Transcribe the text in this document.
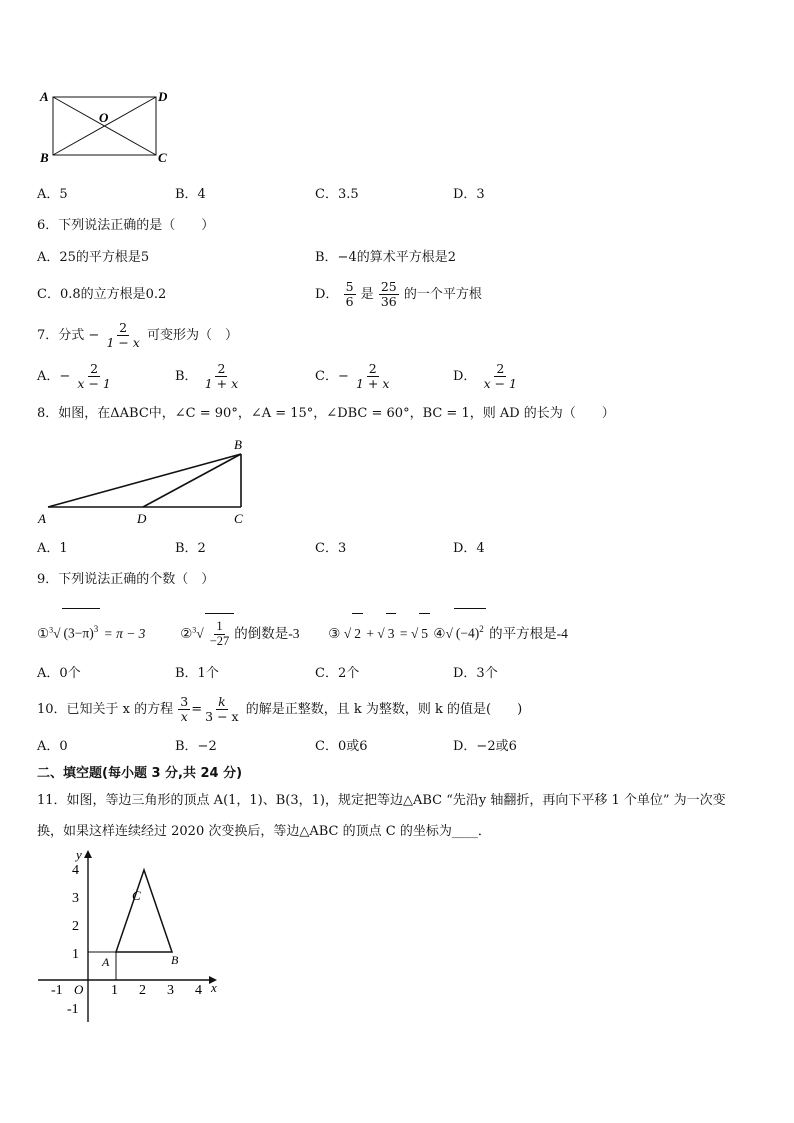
A	D
B	C
O
A．5	B．4	C．3.5	D．3
6．下列说法正确的是（　　）
A．25的平方根是5	B．−4的算术平方根是2
C．0.8的立方根是0.2	D． $\frac{5}{6}$ 是 $\frac{25}{36}$ 的一个平方根
7．分式 − $\frac{2}{1 - x}$ 可变形为（　）
A．− $\frac{2}{x - 1}$	B． $\frac{2}{1 + x}$	C．− $\frac{2}{1 + x}$	D． $\frac{2}{x - 1}$
8．如图，在ΔABC中，∠C = 90°，∠A = 15°，∠DBC = 60°，BC = 1，则 AD 的长为（　　）
A	D	C
B
A．1	B．2	C．3	D．4
9．下列说法正确的个数（　）
①$^3$√ $(3-\pi)^3 = \pi - 3$	②$^3$√ $\frac{1}{-27}$ 的倒数是-3 ③ √ 2 + √ 3 = √ 5 ④√ $(-4)^2$ 的平方根是-4
A．0个	B．1个	C．2个	D．3个
10．已知关于 x 的方程 $\frac{3}{x} = \frac{k}{3 - x}$ 的解是正整数，且 k 为整数，则 k 的值是(　　)
A．0	B．−2	C．0或6	D．−2或6
二、填空题(每小题 3 分,共 24 分)
11．如图，等边三角形的顶点 A(1，1)、B(3，1)，规定把等边△ABC “先沿y 轴翻折，再向下平移 1 个单位” 为一次变
换，如果这样连续经过 2020 次变换后，等边△ABC 的顶点 C 的坐标为____．
y
x
O
-1	1 2 3 4
4
3
2
1
-1
A	B
C
